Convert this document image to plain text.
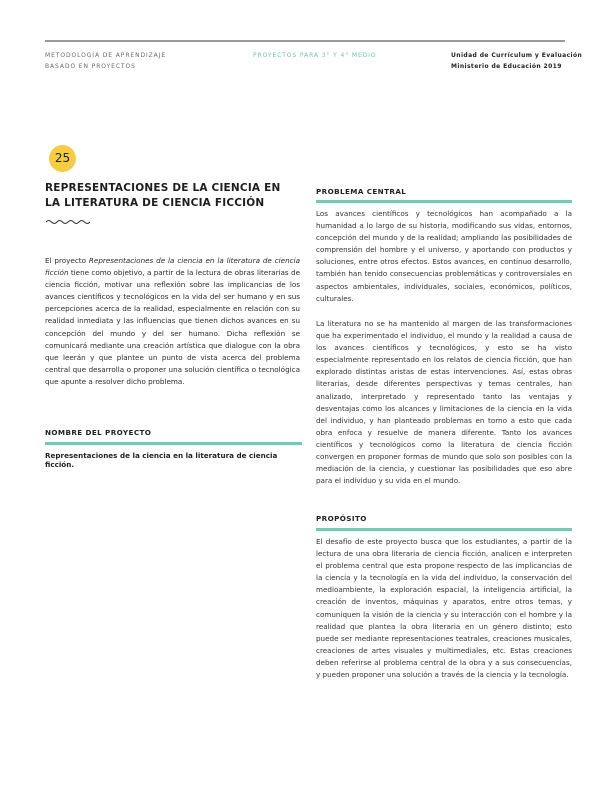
METODOLOGÍA DE APRENDIZAJE
BASADO EN PROYECTOS
PROYECTOS PARA 3° Y 4° MEDIO	Unidad de Currículum y Evaluación
Ministerio de Educación 2019
25
REPRESENTACIONES DE LA CIENCIA EN LA LITERATURA DE CIENCIA FICCIÓN

El proyecto Representaciones de la ciencia en la literatura de ciencia ficción tiene como objetivo, a partir de la lectura de obras literarias de ciencia ficción, motivar una reflexión sobre las implicancias de los avances científicos y tecnológicos en la vida del ser humano y en sus percepciones acerca de la realidad, especialmente en relación con su realidad inmediata y las influencias que tienen dichos avances en su concepción del mundo y del ser humano. Dicha reflexión se comunicará mediante una creación artística que dialogue con la obra que leerán y que plantee un punto de vista acerca del problema central que desarrolla o proponer una solución científica o tecnológica que apunte a resolver dicho problema.

NOMBRE DEL PROYECTO
Representaciones de la ciencia en la literatura de ciencia ficción.
PROBLEMA CENTRAL

Los avances científicos y tecnológicos han acompañado a la humanidad a lo largo de su historia, modificando sus vidas, entornos, concepción del mundo y de la realidad; ampliando las posibilidades de comprensión del hombre y el universo, y aportando con productos y soluciones, entre otros efectos. Estos avances, en continuo desarrollo, también han tenido consecuencias problemáticas y controversiales en aspectos ambientales, individuales, sociales, económicos, políticos, culturales.

La literatura no se ha mantenido al margen de las transformaciones que ha experimentado el individuo, el mundo y la realidad a causa de los avances científicos y tecnológicos, y esto se ha visto especialmente representado en los relatos de ciencia ficción, que han explorado distintas aristas de estas intervenciones. Así, estas obras literarias, desde diferentes perspectivas y temas centrales, han analizado, interpretado y representado tanto las ventajas y desventajas como los alcances y limitaciones de la ciencia en la vida del individuo, y han planteado problemas en torno a esto que cada obra enfoca y resuelve de manera diferente. Tanto los avances científicos y tecnológicos como la literatura de ciencia ficción convergen en proponer formas de mundo que solo son posibles con la mediación de la ciencia, y cuestionar las posibilidades que eso abre para el individuo y su vida en el mundo.

PROPÓSITO

El desafío de este proyecto busca que los estudiantes, a partir de la lectura de una obra literaria de ciencia ficción, analicen e interpreten el problema central que esta propone respecto de las implicancias de la ciencia y la tecnología en la vida del individuo, la conservación del medioambiente, la exploración espacial, la inteligencia artificial, la creación de inventos, máquinas y aparatos, entre otros temas, y comuniquen la visión de la ciencia y su interacción con el hombre y la realidad que plantea la obra literaria en un género distinto; esto puede ser mediante representaciones teatrales, creaciones musicales, creaciones de artes visuales y multimediales, etc. Estas creaciones deben referirse al problema central de la obra y a sus consecuencias, y pueden proponer una solución a través de la ciencia y la tecnología.
